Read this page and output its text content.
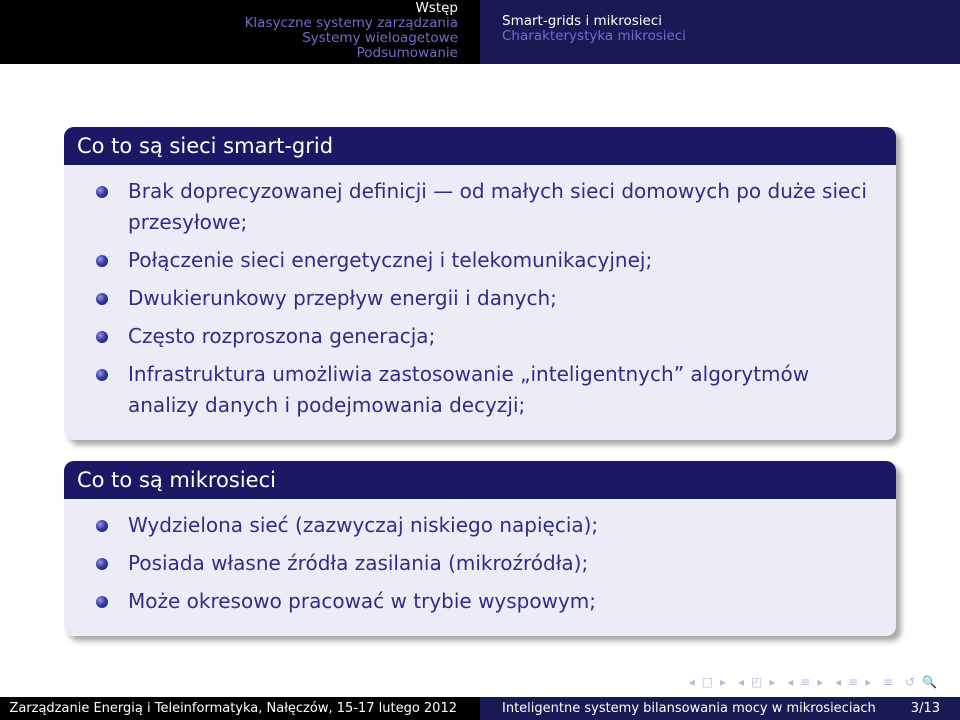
Wstęp
Klasyczne systemy zarządzania
Systemy wieloagetowe
Podsumowanie
Smart-grids i mikrosieci
Charakterystyka mikrosieci
Co to są sieci smart-grid
Brak doprecyzowanej definicji — od małych sieci domowych po duże sieci przesyłowe;
Połączenie sieci energetycznej i telekomunikacyjnej;
Dwukierunkowy przepływ energii i danych;
Często rozproszona generacja;
Infrastruktura umożliwia zastosowanie „inteligentnych” algorytmów analizy danych i podejmowania decyzji;
Co to są mikrosieci
Wydzielona sieć (zazwyczaj niskiego napięcia);
Posiada własne źródła zasilania (mikroźródła);
Może okresowo pracować w trybie wyspowym;
◂ □ ▸ ◂ ◰ ▸ ◂ ≡ ▸ ◂ ≡ ▸ ≡ ↺ 🔍
Zarządzanie Energią i Teleinformatyka, Nałęczów, 15-17 lutego 2012	Inteligentne systemy bilansowania mocy w mikrosieciach	3/13
